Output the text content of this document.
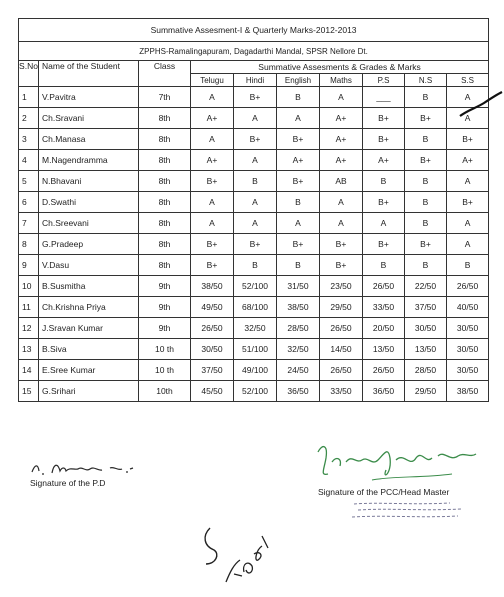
Summative Assesment-I & Quarterly Marks-2012-2013									
ZPPHS-Ramalingapuram, Dagadarthi Mandal, SPSR Nellore Dt.									
S.No	Name of the Student	Class	Summative Assesments & Grades & Marks						
			Telugu	Hindi	English	Maths	P.S	N.S	S.S
1	V.Pavitra	7th	A	B+	B	A	___	B	A
2	Ch.Sravani	8th	A+	A	A	A+	B+	B+	A
3	Ch.Manasa	8th	A	B+	B+	A+	B+	B	B+
4	M.Nagendramma	8th	A+	A	A+	A+	A+	B+	A+
5	N.Bhavani	8th	B+	B	B+	AB	B	B	A
6	D.Swathi	8th	A	A	B	A	B+	B	B+
7	Ch.Sreevani	8th	A	A	A	A	A	B	A
8	G.Pradeep	8th	B+	B+	B+	B+	B+	B+	A
9	V.Dasu	8th	B+	B	B	B+	B	B	B
10	B.Susmitha	9th	38/50	52/100	31/50	23/50	26/50	22/50	26/50
11	Ch.Krishna Priya	9th	49/50	68/100	38/50	29/50	33/50	37/50	40/50
12	J.Sravan Kumar	9th	26/50	32/50	28/50	26/50	20/50	30/50	30/50
13	B.Siva	10 th	30/50	51/100	32/50	14/50	13/50	13/50	30/50
14	E.Sree Kumar	10 th	37/50	49/100	24/50	26/50	26/50	28/50	30/50
15	G.Srihari	10th	45/50	52/100	36/50	33/50	36/50	29/50	38/50
Signature of the P.D
Signature of the PCC/Head Master
